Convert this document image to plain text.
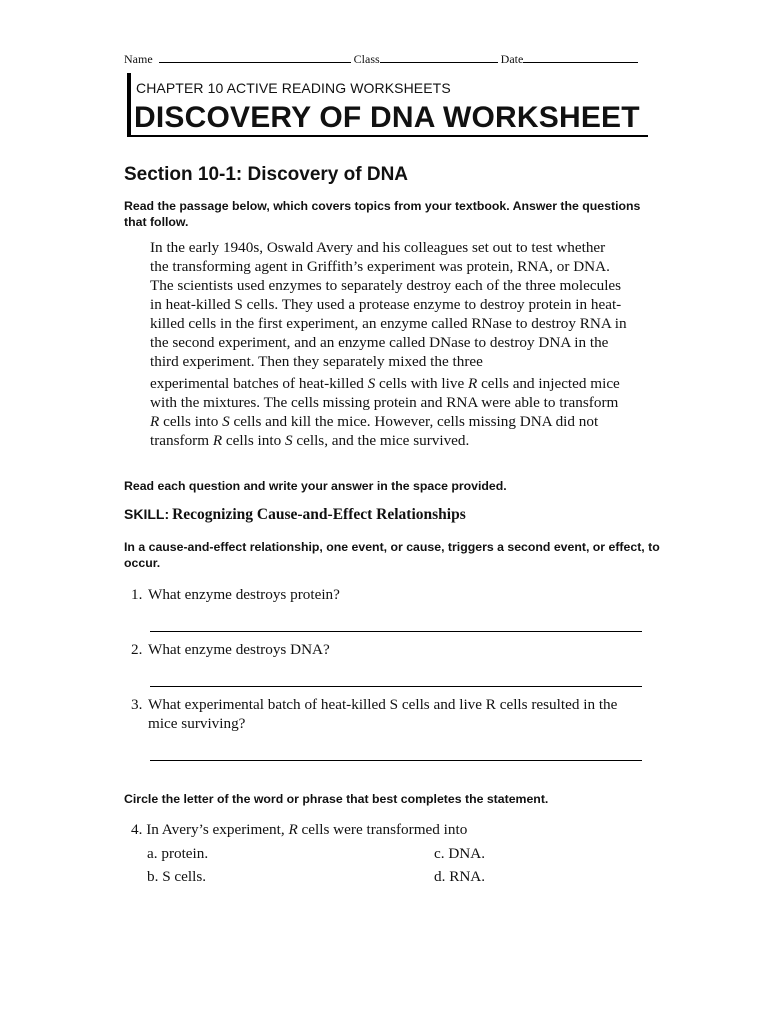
Name	Class	Date
CHAPTER 10 ACTIVE READING WORKSHEETS
DISCOVERY OF DNA WORKSHEET
Section 10-1: Discovery of DNA
Read the passage below, which covers topics from your textbook. Answer the questions that follow.

In the early 1940s, Oswald Avery and his colleagues set out to test whether
the transforming agent in Griffith’s experiment was protein, RNA, or DNA.
The scientists used enzymes to separately destroy each of the three molecules
in heat-killed S cells. They used a protease enzyme to destroy protein in heat-
killed cells in the first experiment, an enzyme called RNase to destroy RNA in
the second experiment, and an enzyme called DNase to destroy DNA in the
third experiment. Then they separately mixed the three

experimental batches of heat-killed S cells with live R cells and injected mice
with the mixtures. The cells missing protein and RNA were able to transform
R cells into S cells and kill the mice. However, cells missing DNA did not
transform R cells into S cells, and the mice survived.

Read each question and write your answer in the space provided.
SKILL: Recognizing Cause-and-Effect Relationships
In a cause-and-effect relationship, one event, or cause, triggers a second event, or effect, to occur.
1. What enzyme destroys protein?
2. What enzyme destroys DNA?
3. What experimental batch of heat-killed S cells and live R cells resulted in the
mice surviving?
Circle the letter of the word or phrase that best completes the statement.
4. In Avery’s experiment, R cells were transformed into
a. protein.
b. S cells.
c. DNA.
d. RNA.
